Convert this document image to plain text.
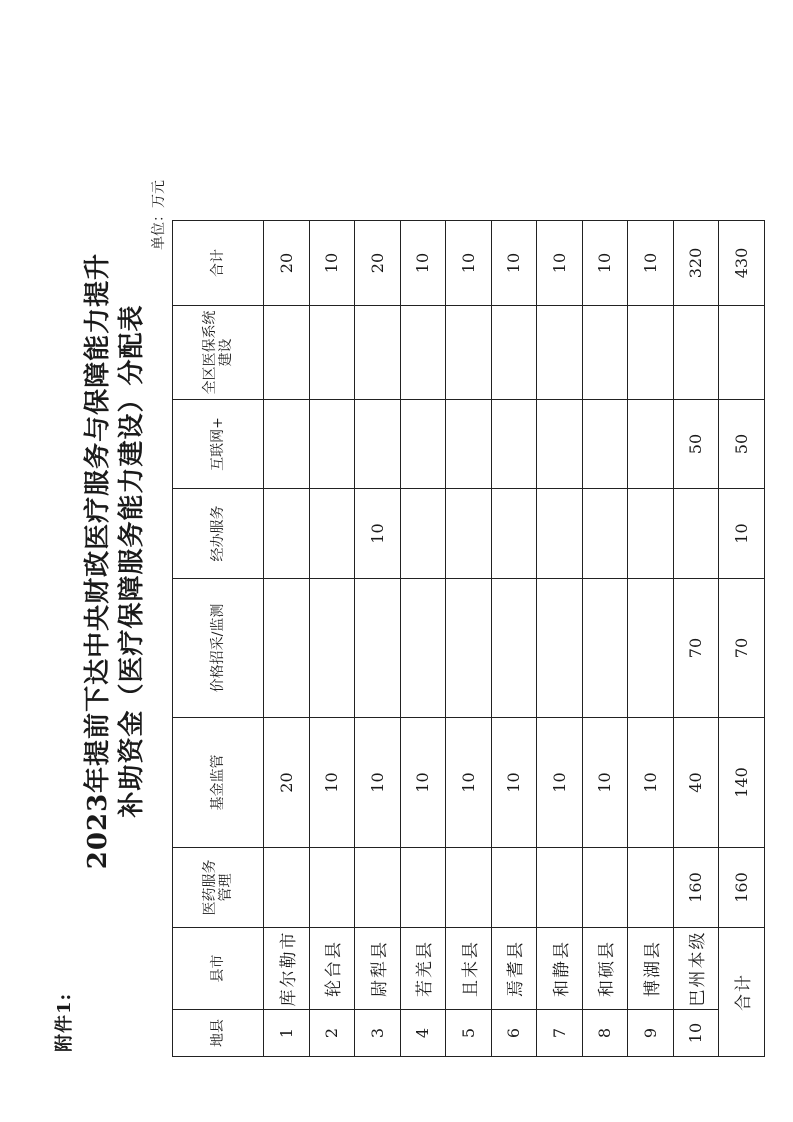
附件1:
2023年提前下达中央财政医疗服务与保障能力提升 补助资金（医疗保障服务能力建设）分配表
单位：万元
地县	县市	医药服务管理	基金监管	价格招采/监测	经办服务	互联网+	全区医保系统建设	合计
1	库尔勒市		20					20
2	轮台县		10					10
3	尉犁县		10		10			20
4	若羌县		10					10
5	且末县		10					10
6	焉耆县		10					10
7	和静县		10					10
8	和硕县		10					10
9	博湖县		10					10
10	巴州本级	160	40	70		50		320
合计		160	140	70	10	50		430
